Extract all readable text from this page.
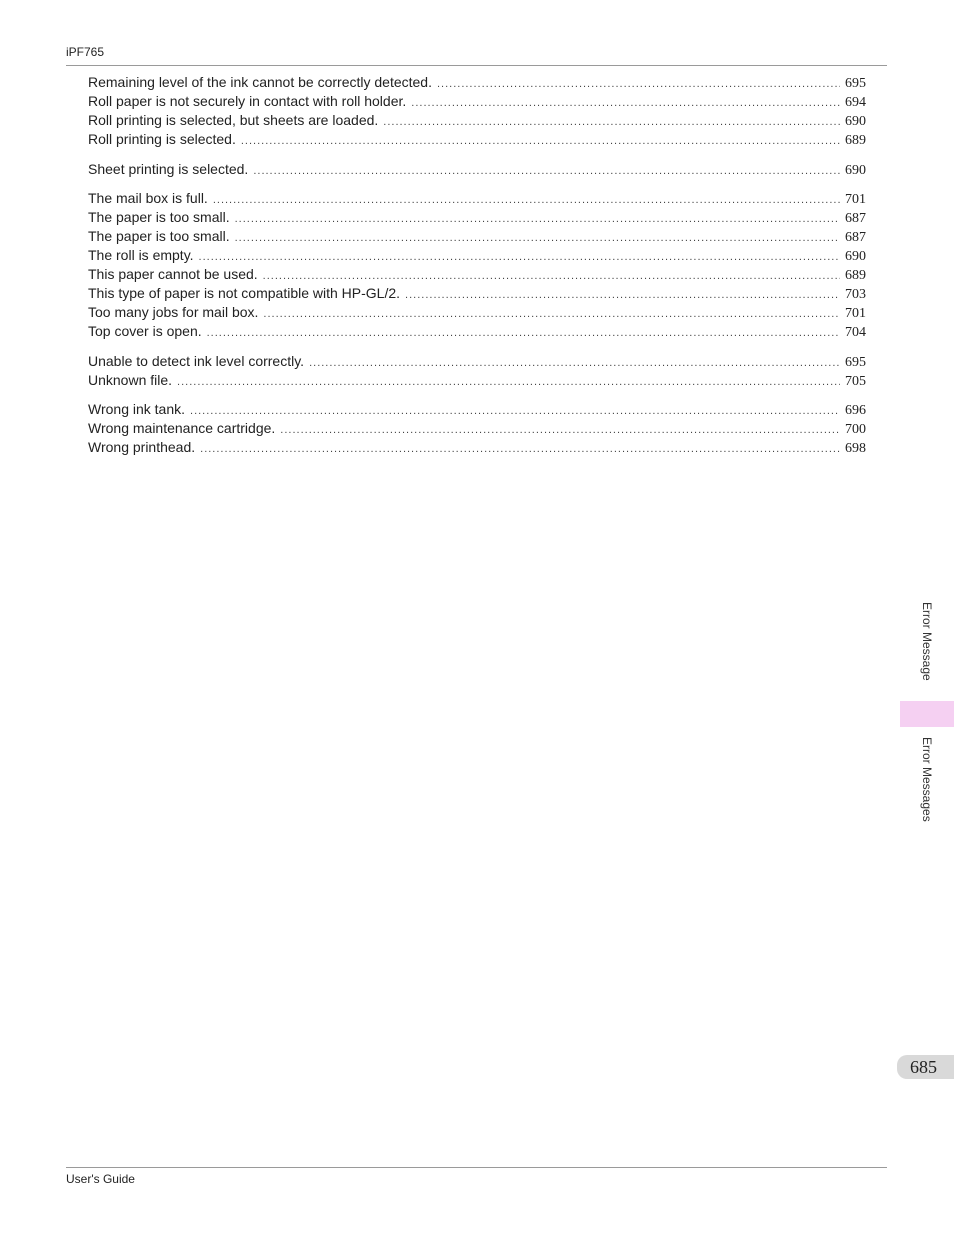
iPF765
Remaining level of the ink cannot be correctly detected. .....	695
Roll paper is not securely in contact with roll holder. .....	694
Roll printing is selected, but sheets are loaded. .....	690
Roll printing is selected. .....	689
Sheet printing is selected. .....	690
The mail box is full. .....	701
The paper is too small. .....	687
The paper is too small. .....	687
The roll is empty. .....	690
This paper cannot be used. .....	689
This type of paper is not compatible with HP-GL/2. .....	703
Too many jobs for mail box. .....	701
Top cover is open. .....	704
Unable to detect ink level correctly. .....	695
Unknown file. .....	705
Wrong ink tank. .....	696
Wrong maintenance cartridge. .....	700
Wrong printhead. .....	698
Error Message
Error Messages
685
User's Guide
